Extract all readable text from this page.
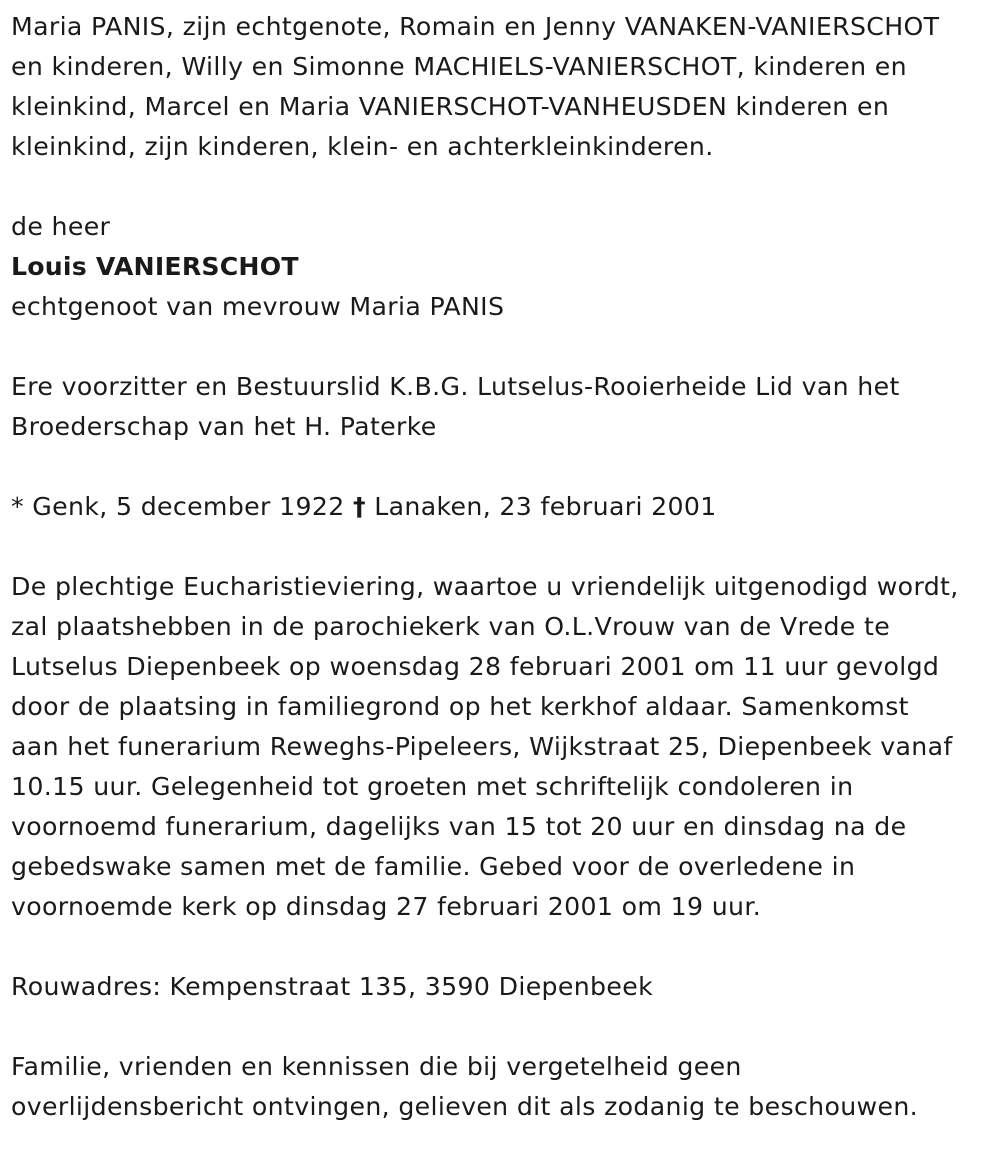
Maria PANIS, zijn echtgenote, Romain en Jenny VANAKEN-VANIERSCHOT
en kinderen, Willy en Simonne MACHIELS-VANIERSCHOT, kinderen en
kleinkind, Marcel en Maria VANIERSCHOT-VANHEUSDEN kinderen en
kleinkind, zijn kinderen, klein- en achterkleinkinderen.
de heer
Louis VANIERSCHOT
echtgenoot van mevrouw Maria PANIS
Ere voorzitter en Bestuurslid K.B.G. Lutselus-Rooierheide Lid van het
Broederschap van het H. Paterke
* Genk, 5 december 1922 † Lanaken, 23 februari 2001
De plechtige Eucharistieviering, waartoe u vriendelijk uitgenodigd wordt,
zal plaatshebben in de parochiekerk van O.L.Vrouw van de Vrede te
Lutselus Diepenbeek op woensdag 28 februari 2001 om 11 uur gevolgd
door de plaatsing in familiegrond op het kerkhof aldaar. Samenkomst
aan het funerarium Reweghs-Pipeleers, Wijkstraat 25, Diepenbeek vanaf
10.15 uur. Gelegenheid tot groeten met schriftelijk condoleren in
voornoemd funerarium, dagelijks van 15 tot 20 uur en dinsdag na de
gebedswake samen met de familie. Gebed voor de overledene in
voornoemde kerk op dinsdag 27 februari 2001 om 19 uur.
Rouwadres: Kempenstraat 135, 3590 Diepenbeek
Familie, vrienden en kennissen die bij vergetelheid geen
overlijdensbericht ontvingen, gelieven dit als zodanig te beschouwen.
